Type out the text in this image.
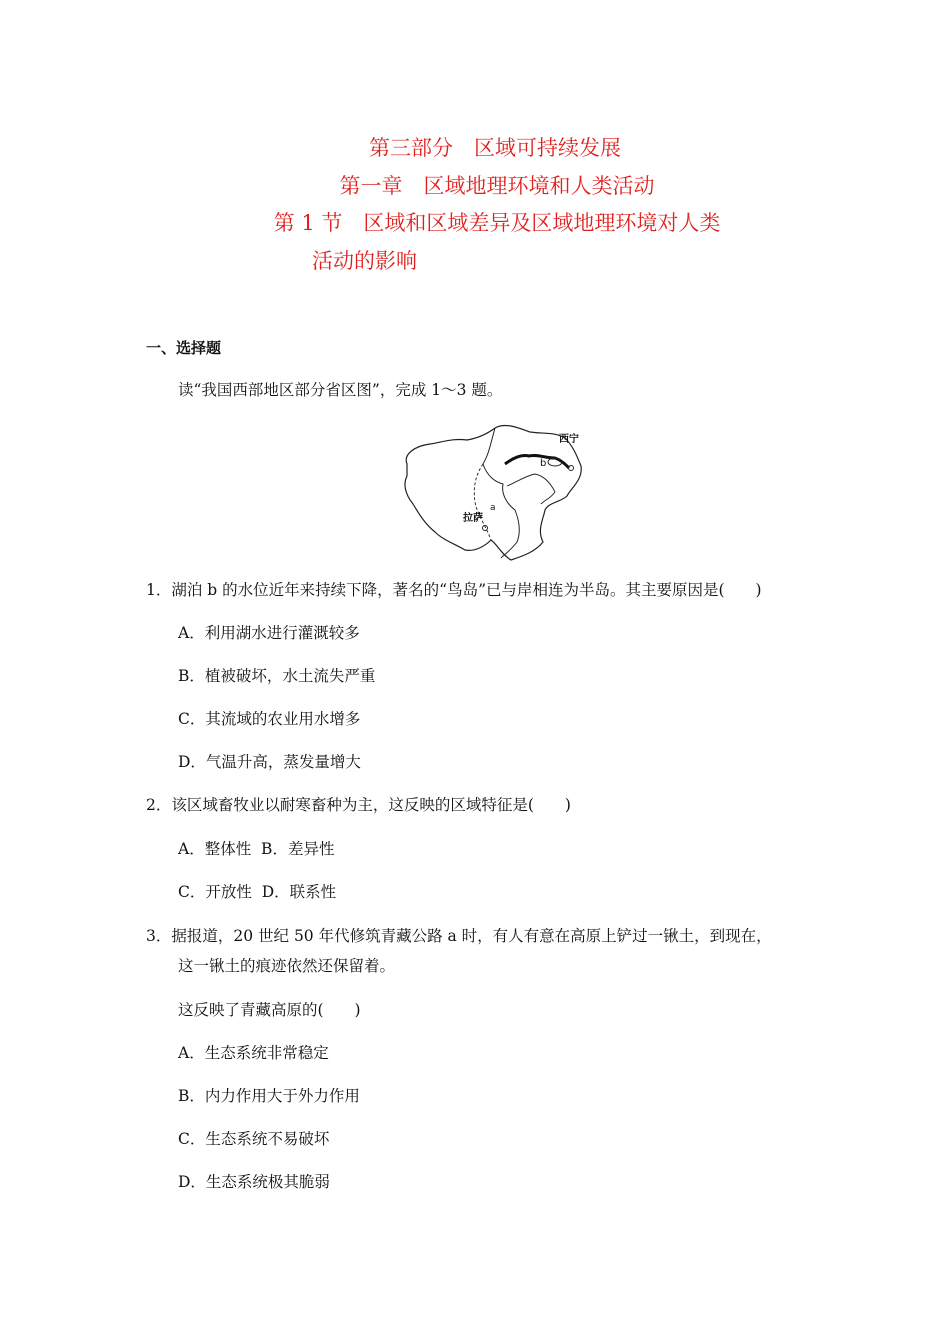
第三部分　区域可持续发展
第一章　区域地理环境和人类活动
第 1 节　区域和区域差异及区域地理环境对人类
活动的影响
一、选择题
读“我国西部地区部分省区图”，完成 1～3 题。
西宁
b
a
拉萨
1．湖泊 b 的水位近年来持续下降，著名的“鸟岛”已与岸相连为半岛。其主要原因是(　　)
A．利用湖水进行灌溉较多
B．植被破坏，水土流失严重
C．其流域的农业用水增多
D．气温升高，蒸发量增大
2．该区域畜牧业以耐寒畜种为主，这反映的区域特征是(　　)
A．整体性  B．差异性
C．开放性  D．联系性
3．据报道，20 世纪 50 年代修筑青藏公路 a 时，有人有意在高原上铲过一锹土，到现在，
这一锹土的痕迹依然还保留着。
这反映了青藏高原的(　　)
A．生态系统非常稳定
B．内力作用大于外力作用
C．生态系统不易破坏
D．生态系统极其脆弱
